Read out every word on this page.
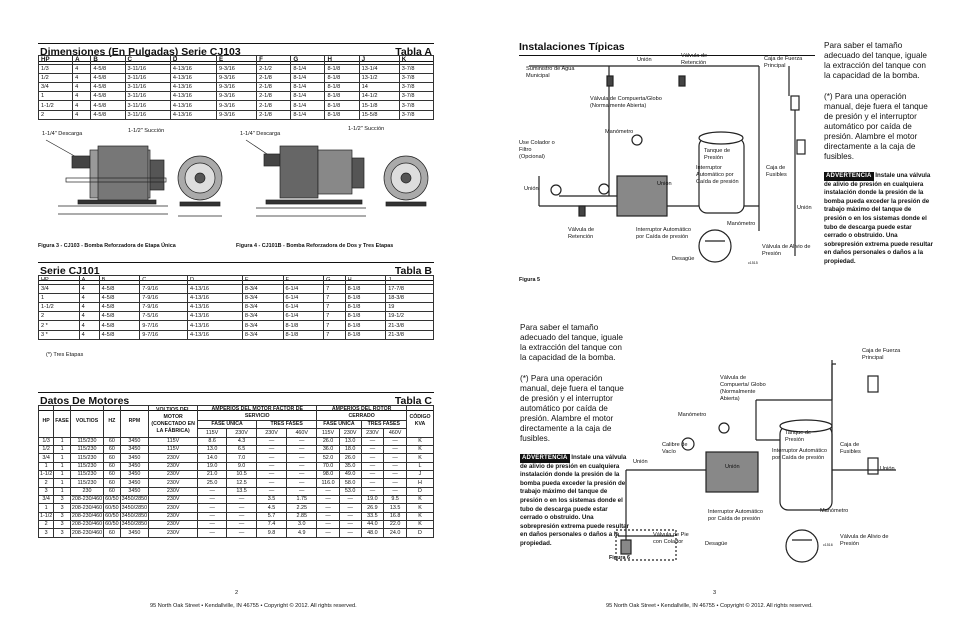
Dimensiones (En Pulgadas) Serie CJ103	Tabla A
HP	A	B	C	D	E	F	G	H	J	K
1/3	4	4-5/8	3-11/16	4-13/16	9-3/16	2-1/2	8-1/4	8-1/8	13-1/4	3-7/8
1/2	4	4-5/8	3-11/16	4-13/16	9-3/16	2-1/8	8-1/4	8-1/8	13-1/2	3-7/8
3/4	4	4-5/8	3-11/16	4-13/16	9-3/16	2-1/8	8-1/4	8-1/8	14	3-7/8
1	4	4-5/8	3-11/16	4-13/16	9-3/16	2-1/8	8-1/4	8-1/8	14-1/2	3-7/8
1-1/2	4	4-5/8	3-11/16	4-13/16	9-3/16	2-1/8	8-1/4	8-1/8	15-1/8	3-7/8
2	4	4-5/8	3-11/16	4-13/16	9-3/16	2-1/8	8-1/4	8-1/8	15-5/8	3-7/8
1-1/4" Descarga	1-1/2" Succión
Figura 3 - CJ103 - Bomba Reforzadora de Etapa Única
1-1/4" Descarga
1-1/2" Succión
Figura 4 - CJ101B - Bomba Reforzadora de Dos y Tres Etapas
Serie CJ101	Tabla B
HP	A	B	C	D	E	F	G	H	J
3/4	4	4-5/8	7-9/16	4-13/16	8-3/4	6-1/4	7	8-1/8	17-7/8
1	4	4-5/8	7-9/16	4-13/16	8-3/4	6-1/4	7	8-1/8	18-3/8
1-1/2	4	4-5/8	7-9/16	4-13/16	8-3/4	6-1/4	7	8-1/8	19
2	4	4-5/8	7-5/16	4-13/16	8-3/4	6-1/4	7	8-1/8	19-1/2
2 *	4	4-5/8	9-7/16	4-13/16	8-3/4	8-1/8	7	8-1/8	21-3/8
3 *	4	4-5/8	9-7/16	4-13/16	8-3/4	8-1/8	7	8-1/8	21-3/8
(*) Tres Etapas
Datos De Motores	Tabla C
HP	FASE	VOLTIOS	HZ	RPM	VOLTIOS DEL MOTOR (CONECTADO EN LA FÁBRICA)	AMPERIOS DEL MOTOR FACTOR DE SERVICIO				AMPERIOS DEL ROTOR CERRADO				CÓDIGO KVA
						FASE ÚNICA		TRES FASES		FASE ÚNICA		TRES FASES		
						115V	230V	230V	460V	115V	230V	230V	460V	
1/3	1	115/230	60	3450	115V	8.6	4.3	—	—	26.0	13.0	—	—	K
1/2	1	115/230	60	3450	115V	13.0	6.5	—	—	36.0	18.0	—	—	K
3/4	1	115/230	60	3450	230V	14.0	7.0	—	—	52.0	26.0	—	—	K
1	1	115/230	60	3450	230V	19.0	9.0	—	—	70.0	35.0	—	—	L
1-1/2	1	115/230	60	3450	230V	21.0	10.5	—	—	98.0	49.0	—	—	J
2	1	115/230	60	3450	230V	25.0	12.5	—	—	116.0	58.0	—	—	H
3	1	230	60	3450	230V	—	13.5	—	—	—	53.0	—	—	D
3/4	3	208-230/460	60/50	3450/2850	230V	—	—	3.5	1.75	—	—	19.0	9.5	K
1	3	208-230/460	60/50	3450/2850	230V	—	—	4.5	2.25	—	—	26.9	13.5	K
1-1/2	3	208-230/460	60/50	3450/2850	230V	—	—	5.7	2.85	—	—	33.5	16.8	K
2	3	208-230/460	60/50	3450/2850	230V	—	—	7.4	3.0	—	—	44.0	22.0	K
3	3	208-230/460	60	3450	230V	—	—	9.8	4.9	—	—	48.0	24.0	D
2
95 North Oak Street • Kendallville, IN 46755 • Copyright © 2012. All rights reserved.
Instalaciones Típicas	Para saber el tamaño adecuado del tanque, iguale la extracción del tanque con la capacidad de la bomba.
(*) Para una operación manual, deje fuera el tanque de presión y el interruptor automático por caída de presión. Alambre el motor directamente a la caja de fusibles.
ADVERTENCIA Instale una válvula de alivio de presión en cualquiera instalación donde la presión de la bomba pueda exceder la presión de trabajo máximo del tanque de presión o en los sistemas donde el tubo de descarga puede estar cerrado o obstruido. Una sobrepresión extrema puede resultar en daños personales o daños a la propiedad.
Suministro de Agua Municipal
Unión
Válvula de Retención
Caja de Fuerza Principal
Válvula de Compuerta/Globo (Normalmente Abierta)
Manómetro
Use Colador o Filtro (Opcional)
Tanque de Presión
Interruptor Automático por Caída de presión
Caja de Fusibles
Unión
Unión
Unión
Válvula de Retención
Interruptor Automático por Caída de presión
Manómetro
Válvula de Alivio de Presión
Desagüe
c1515
Figura 5
Para saber el tamaño adecuado del tanque, iguale la extracción del tanque con la capacidad de la bomba.
(*) Para una operación manual, deje fuera el tanque de presión y el interruptor automático por caída de presión. Alambre el motor directamente a la caja de fusibles.
ADVERTENCIA Instale una válvula de alivio de presión en cualquiera instalación donde la presión de la bomba pueda exceder la presión de trabajo máximo del tanque de presión o en los sistemas donde el tubo de descarga puede estar cerrado o obstruido. Una sobrepresión extrema puede resultar en daños personales o daños a la propiedad.
Caja de Fuerza Principal
Válvula de Compuerta/ Globo (Normalmente Abierta)
Manómetro
Calibre de Vacío
Tanque de Presión
Interruptor Automático por Caída de presión
Caja de Fusibles
Unión
Unión	Unión
Interruptor Automático por Caída de presión
Manómetro
Válvula de Pie con Colador	Desagüe
Válvula de Alivio de Presión
c1516
Figura 6
3
95 North Oak Street • Kendallville, IN 46755 • Copyright © 2012. All rights reserved.
